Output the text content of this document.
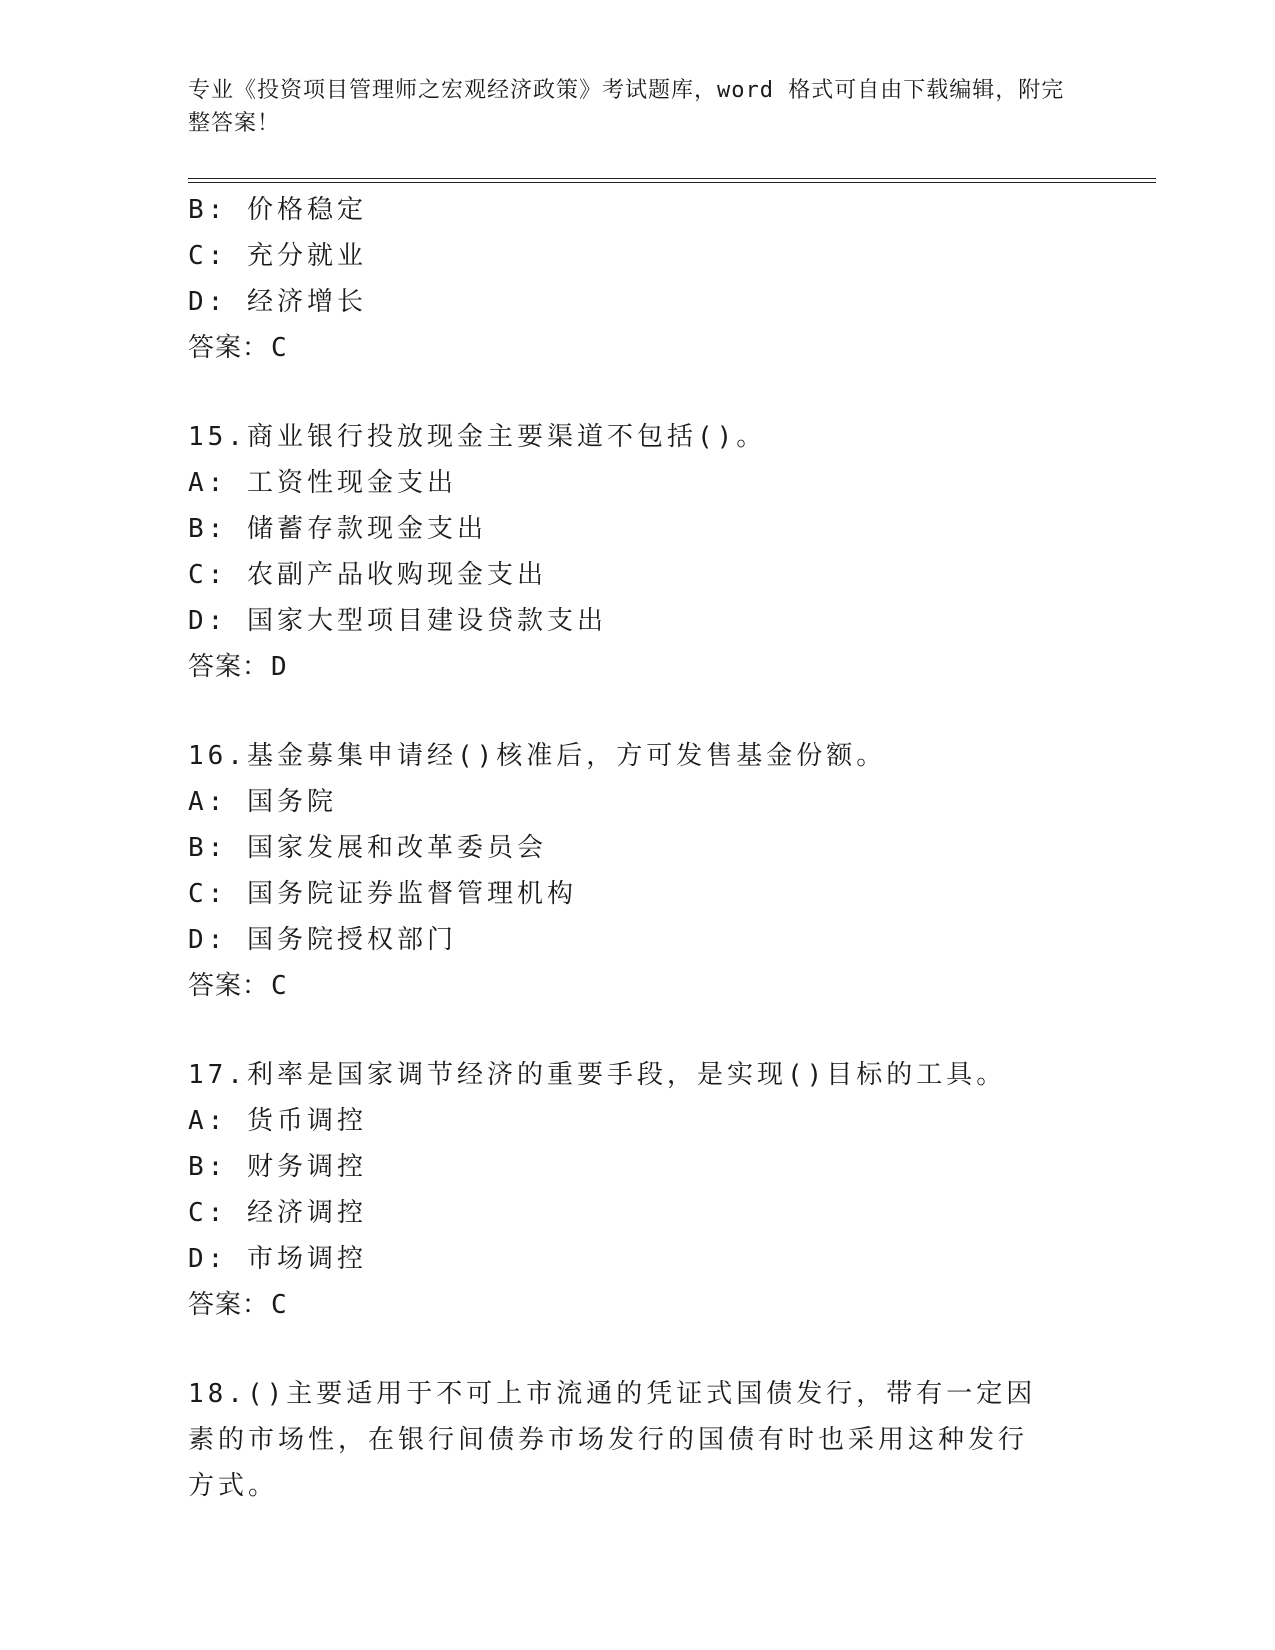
专业《投资项目管理师之宏观经济政策》考试题库，word 格式可自由下载编辑，附完整答案！
B: 价格稳定
C: 充分就业
D: 经济增长
答案：C
15.商业银行投放现金主要渠道不包括()。
A: 工资性现金支出
B: 储蓄存款现金支出
C: 农副产品收购现金支出
D: 国家大型项目建设贷款支出
答案：D
16.基金募集申请经()核准后，方可发售基金份额。
A: 国务院
B: 国家发展和改革委员会
C: 国务院证券监督管理机构
D: 国务院授权部门
答案：C
17.利率是国家调节经济的重要手段，是实现()目标的工具。
A: 货币调控
B: 财务调控
C: 经济调控
D: 市场调控
答案：C
18.()主要适用于不可上市流通的凭证式国债发行，带有一定因素的市场性，在银行间债券市场发行的国债有时也采用这种发行方式。
